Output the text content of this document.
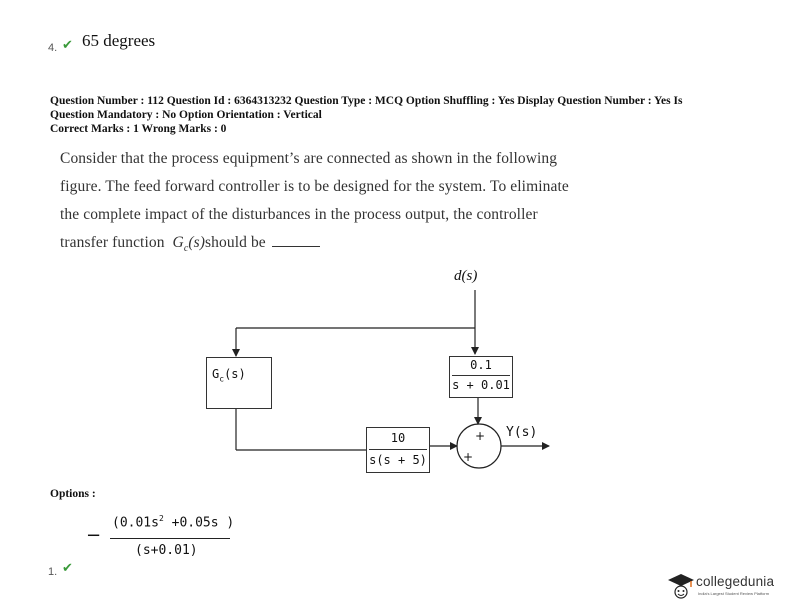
4. ✔ 65 degrees
Question Number : 112 Question Id : 6364313232 Question Type : MCQ Option Shuffling : Yes Display Question Number : Yes Is
Question Mandatory : No Option Orientation : Vertical
Correct Marks : 1 Wrong Marks : 0
Consider that the process equipment’s are connected as shown in the following
figure. The feed forward controller is to be designed for the system. To eliminate
the complete impact of the disturbances in the process output, the controller
transfer function $G_c(s)should$ be
d(s)
$G_c(s)$
0.1
s + 0.01
10
s(s + 5)
+
+
Y(s)
Options :
−
($0.01s^2 +0.05s$ )
(s+0.01)
1. ✔
collegedunia
India's Largest Student Review Platform
